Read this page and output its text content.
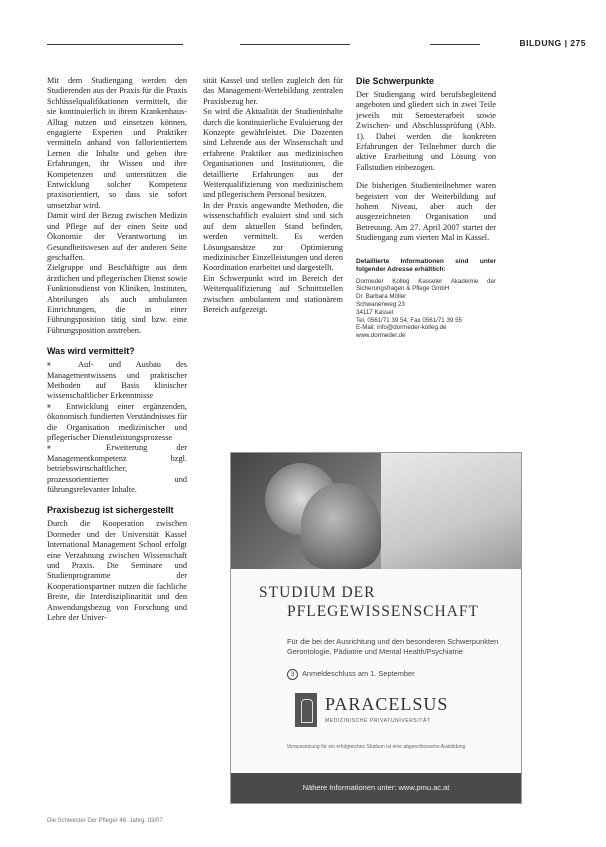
BILDUNG | 275

Mit dem Studiengang werden den Studierenden aus der Praxis für die Praxis Schlüsselqualifikationen vermittelt, die sie kontinuierlich in ihrem Krankenhaus-Alltag nutzen und einsetzen können, engagierte Experten und Praktiker vermitteln anhand von fallorientiertem Lernen die Inhalte und geben ihre Erfahrungen, ihr Wissen und ihre Kompetenzen und unterstützen die Entwicklung solcher Kompetenz praxisorientiert, so dass sie sofort umsetzbar wird.

Damit wird der Bezug zwischen Medizin und Pflege auf der einen Seite und Ökonomie der Verantwortung im Gesundheitswesen auf der anderen Seite geschaffen.

Zielgruppe und Beschäftigte aus dem ärztlichen und pflegerischen Dienst sowie Funktionsdienst von Kliniken, Instituten, Abteilungen als auch ambulanten Einrichtungen, die in einer Führungsposition tätig sind bzw. eine Führungsposition anstreben.

Was wird vermittelt?

■ Auf- und Ausbau des Managementwissens und praktischer Methoden auf Basis klinischer wissenschaftlicher Erkenntnisse

■ Entwicklung einer ergänzenden, ökonomisch fundierten Verständnisses für die Organisation medizinischer und pflegerischer Dienstleistungsprozesse

■ Erweiterung der Managementkompetenz bzgl. betriebswirtschaftlicher, prozessorientierter und führungsrelevanter Inhalte.

Praxisbezug ist sichergestellt

Durch die Kooperation zwischen Dormeder und der Universität Kassel International Management School erfolgt eine Verzahnung zwischen Wissenschaft und Praxis. Die Seminare und Studienprogramme der Kooperationspartner nutzen die fachliche Breite, die Interdisziplinarität und den Anwendungsbezug von Forschung und Lehre der Univer-

sität Kassel und stellen zugleich den für das Management-Wertebildung zentralen Praxisbezug her.

So wird die Aktualität der Studieninhalte durch die kontinuierliche Evaluierung der Konzepte gewährleistet. Die Dozenten sind Lehrende aus der Wissenschaft und erfahrene Praktiker aus medizinischen Organisationen und Institutionen, die detaillierte Erfahrungen aus der Weiterqualifizierung von medizinischem und pflegerischem Personal besitzen.

In der Praxis angewandte Methoden, die wissenschaftlich evaluiert sind und sich auf dem aktuellen Stand befinden, werden vermittelt. Es werden Lösungsansätze zur Optimierung medizinischer Einzelleistungen und deren Koordination erarbeitet und dargestellt.

Ein Schwerpunkt wird im Bereich der Weiterqualifizierung auf Schnittstellen zwischen ambulantem und stationärem Bereich aufgezeigt.

Die Schwerpunkte

Der Studiengang wird berufsbegleitend angeboten und gliedert sich in zwei Teile jeweils mit Semesterarbeit sowie Zwischen- und Abschlussprüfung (Abb. 1). Dabei werden die konkreten Erfahrungen der Teilnehmer durch die aktive Erarbeitung und Lösung von Fallstudien einbezogen.

Die bisherigen Studienteilnehmer waren begeistert von der Weiterbildung auf hohem Niveau, aber auch der ausgezeichneten Organisation und Betreuung. Am 27. April 2007 startet der Studiengang zum vierten Mal in Kassel.

Detaillierte Informationen sind unter folgender Adresse erhältlich:
Dormeder Kolleg Kasseler Akademie der Sicherungsfragen & Pflege GmbH
Dr. Barbara Möller
Schwanenweg 23
34117 Kassel
Tel. 0561/71 39 54, Fax 0561/71 39 55
E-Mail: info@dormeder-kolleg.de
www.dormeder.de
STUDIUM DER
PFLEGEWISSENSCHAFT
Für die bei der Ausrichtung und den besonderen Schwerpunkten Gerontologie, Pädiatrie und Mental Health/Psychiatrie
3 Anmeldeschluss am 1. September
PARACELSUS
MEDIZINISCHE PRIVATUNIVERSITÄT
Voraussetzung für ein erfolgreiches Studium ist eine abgeschlossene Ausbildung
Nähere Informationen unter: www.pmu.ac.at
Die Schwester Der Pfleger 46. Jahrg. 03/07
